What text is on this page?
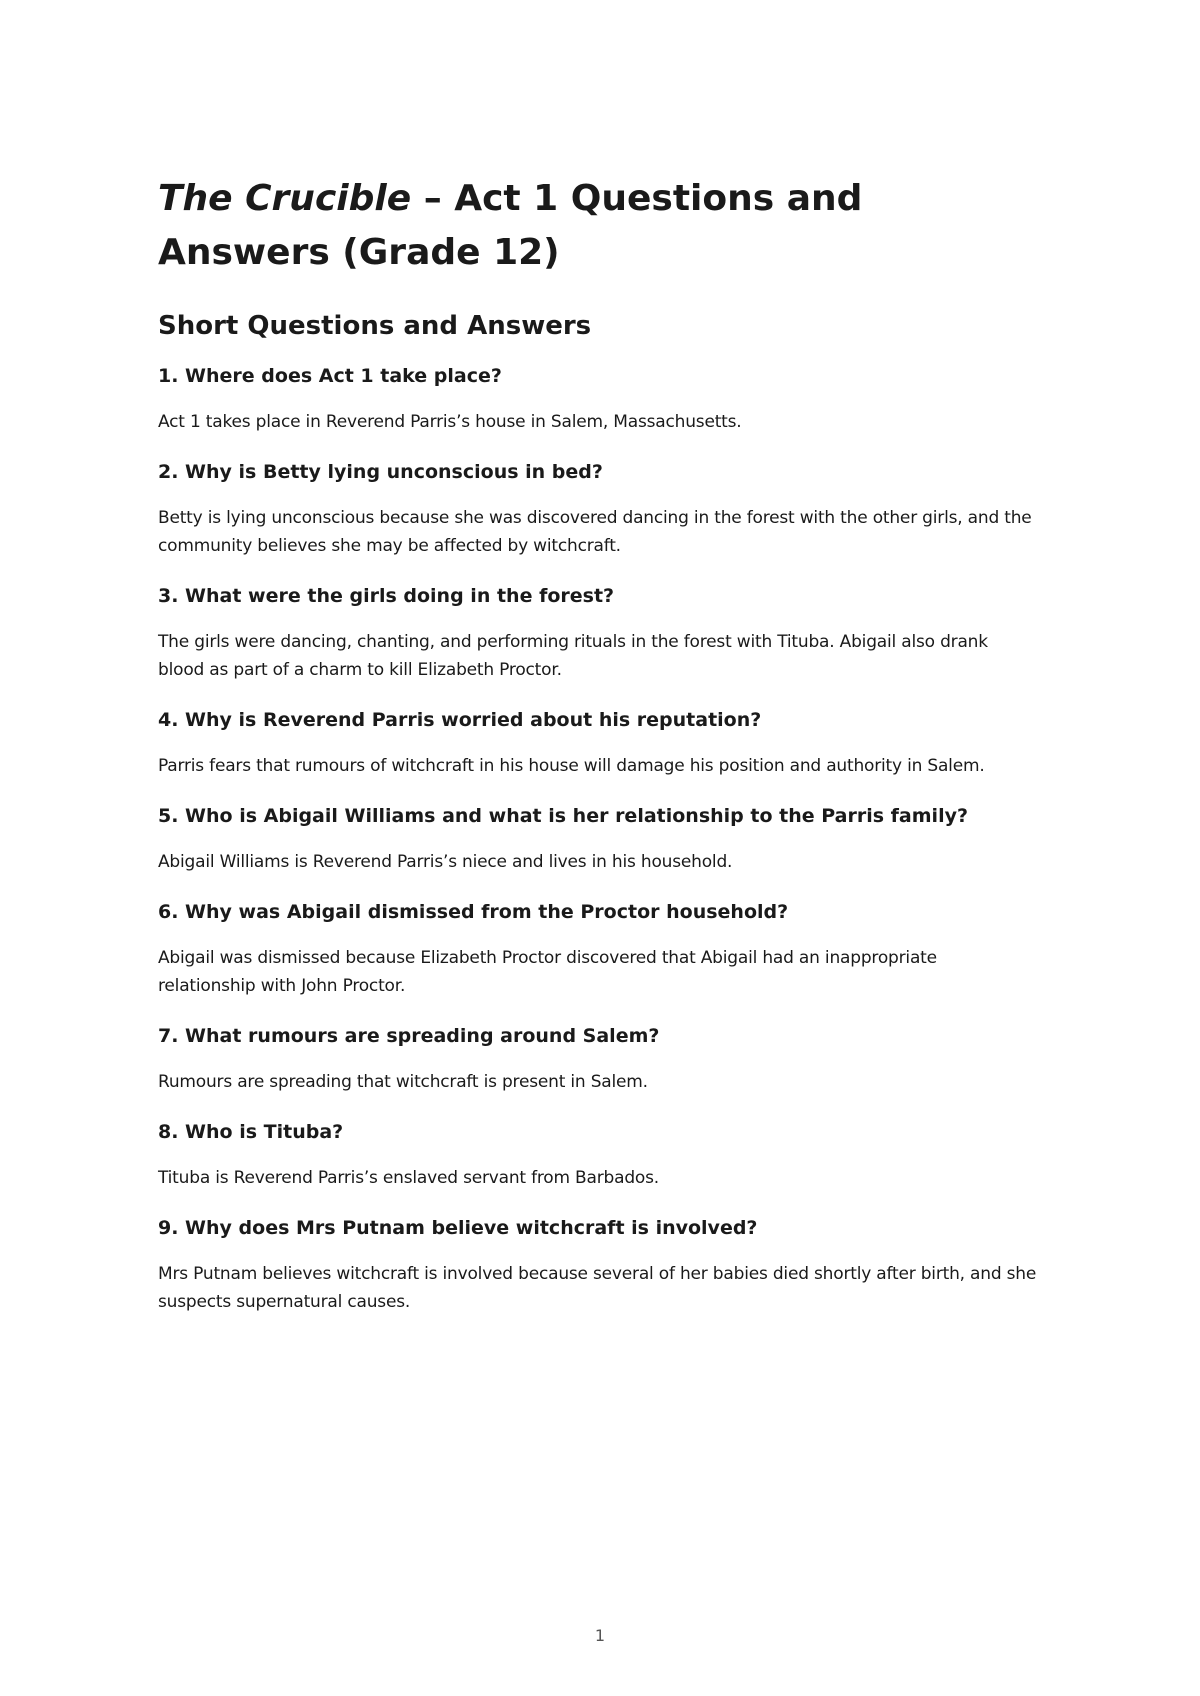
The Crucible – Act 1 Questions and Answers (Grade 12)
Short Questions and Answers

1. Where does Act 1 take place?

Act 1 takes place in Reverend Parris’s house in Salem, Massachusetts.

2. Why is Betty lying unconscious in bed?

Betty is lying unconscious because she was discovered dancing in the forest with the other girls, and the community believes she may be affected by witchcraft.

3. What were the girls doing in the forest?

The girls were dancing, chanting, and performing rituals in the forest with Tituba. Abigail also drank blood as part of a charm to kill Elizabeth Proctor.

4. Why is Reverend Parris worried about his reputation?

Parris fears that rumours of witchcraft in his house will damage his position and authority in Salem.

5. Who is Abigail Williams and what is her relationship to the Parris family?

Abigail Williams is Reverend Parris’s niece and lives in his household.

6. Why was Abigail dismissed from the Proctor household?

Abigail was dismissed because Elizabeth Proctor discovered that Abigail had an inappropriate relationship with John Proctor.

7. What rumours are spreading around Salem?

Rumours are spreading that witchcraft is present in Salem.

8. Who is Tituba?

Tituba is Reverend Parris’s enslaved servant from Barbados.

9. Why does Mrs Putnam believe witchcraft is involved?

Mrs Putnam believes witchcraft is involved because several of her babies died shortly after birth, and she suspects supernatural causes.

1
